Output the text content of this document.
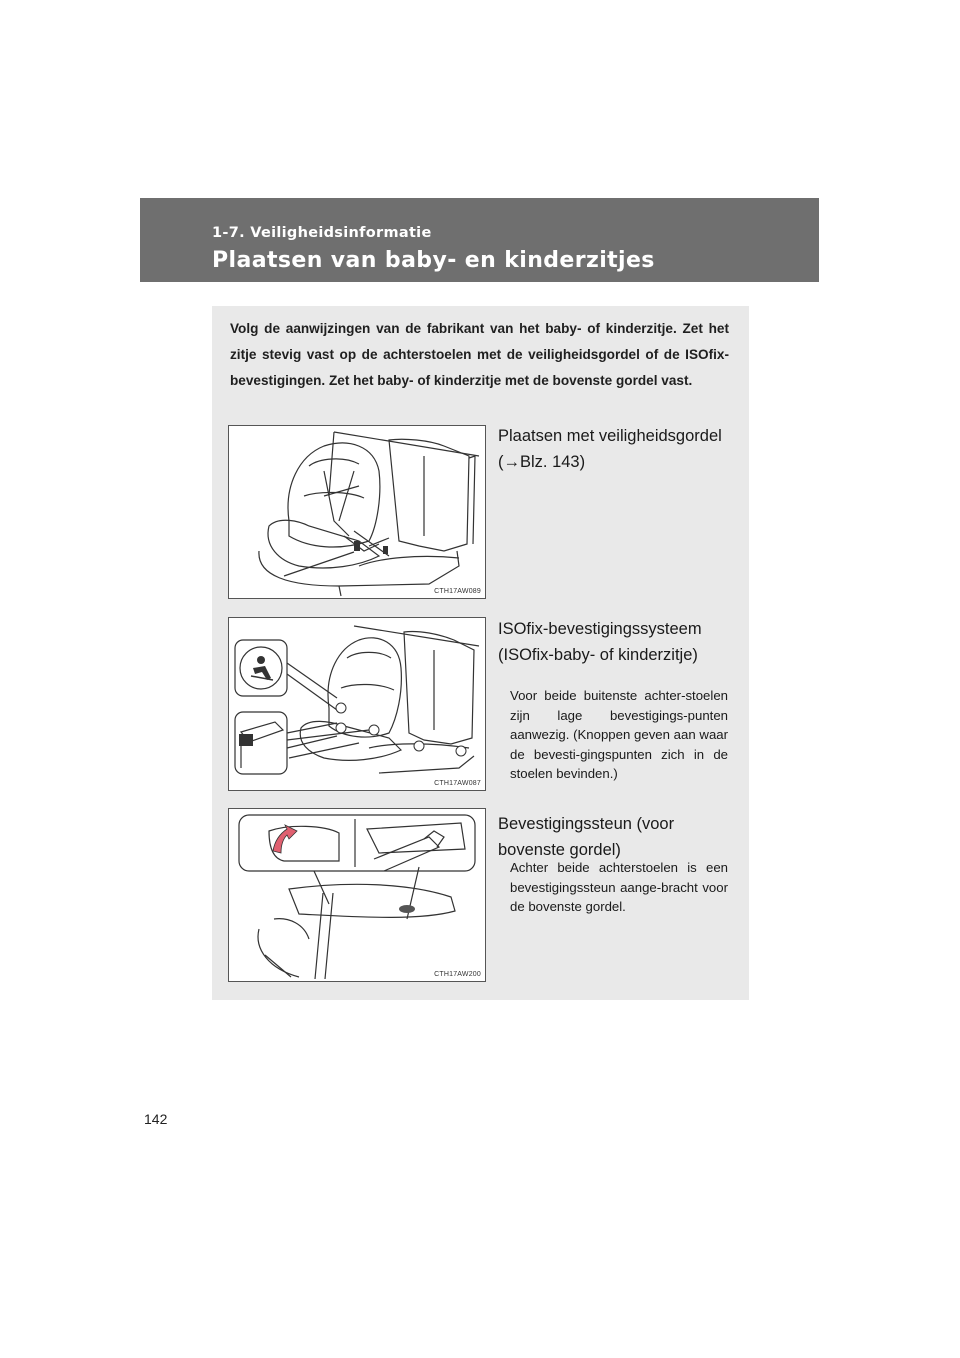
1-7. Veiligheidsinformatie
Plaatsen van baby- en kinderzitjes
Volg de aanwijzingen van de fabrikant van het baby- of kinderzitje. Zet het zitje stevig vast op de achterstoelen met de veiligheidsgordel of de ISOfix-bevestigingen. Zet het baby- of kinderzitje met de bovenste gordel vast.
CTH17AW089
Plaatsen met veiligheidsgordel
(→Blz. 143)
CTH17AW087
ISOfix-bevestigingssysteem
(ISOfix-baby- of kinderzitje)
Voor beide buitenste achter-stoelen zijn lage bevestigings-punten aanwezig. (Knoppen geven aan waar de bevesti-gingspunten zich in de stoelen bevinden.)
CTH17AW200
Bevestigingssteun (voor
bovenste gordel)
Achter beide achterstoelen is een bevestigingssteun aange-bracht voor de bovenste gordel.
142
